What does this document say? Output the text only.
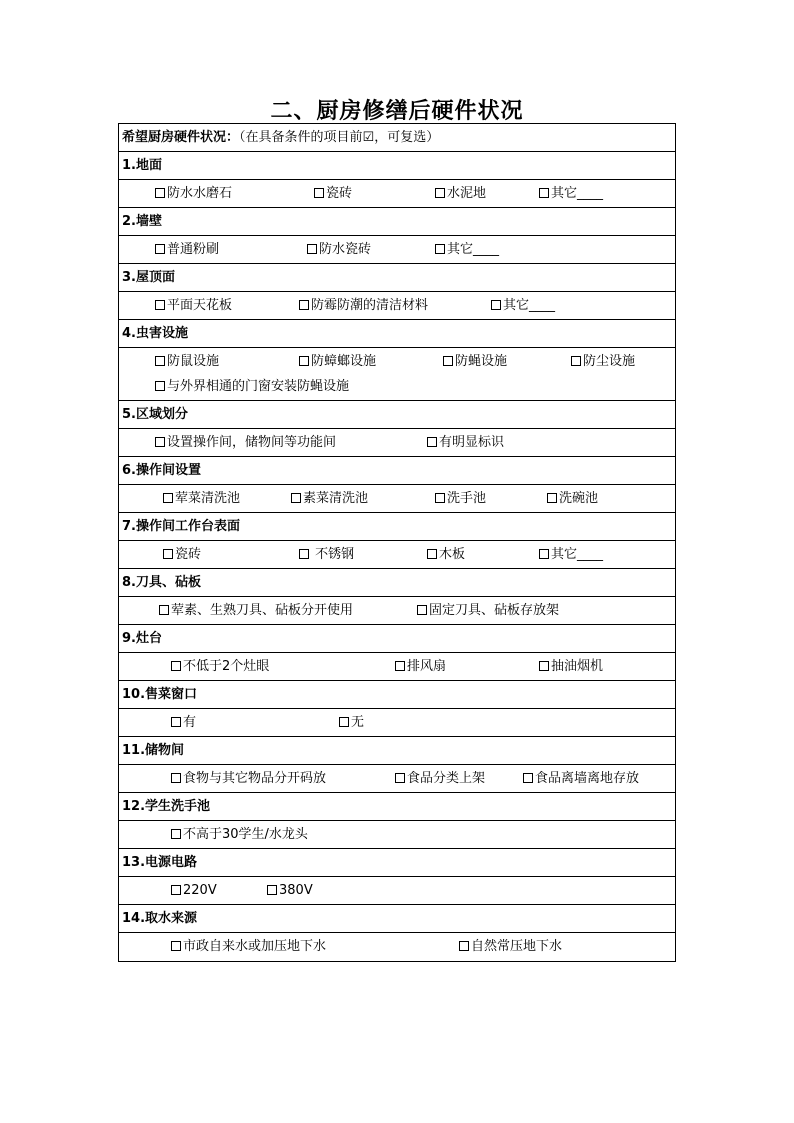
二、厨房修缮后硬件状况
希望厨房硬件状况：（在具备条件的项目前☑，可复选）
1.地面
防水水磨石	瓷砖	水泥地	其它____
2.墙壁
普通粉刷	防水瓷砖	其它____
3.屋顶面
平面天花板	防霉防潮的清洁材料	其它____
4.虫害设施
防鼠设施	防蟑螂设施	防蝇设施	防尘设施
与外界相通的门窗安装防蝇设施
5.区域划分
设置操作间，储物间等功能间	有明显标识
6.操作间设置
荤菜清洗池	素菜清洗池	洗手池	洗碗池
7.操作间工作台表面
瓷砖	不锈钢	木板	其它____
8.刀具、砧板
荤素、生熟刀具、砧板分开使用	固定刀具、砧板存放架
9.灶台
不低于2个灶眼	排风扇	抽油烟机
10.售菜窗口
有	无
11.储物间
食物与其它物品分开码放	食品分类上架	食品离墙离地存放
12.学生洗手池
不高于30学生/水龙头
13.电源电路
220V	380V
14.取水来源
市政自来水或加压地下水	自然常压地下水
